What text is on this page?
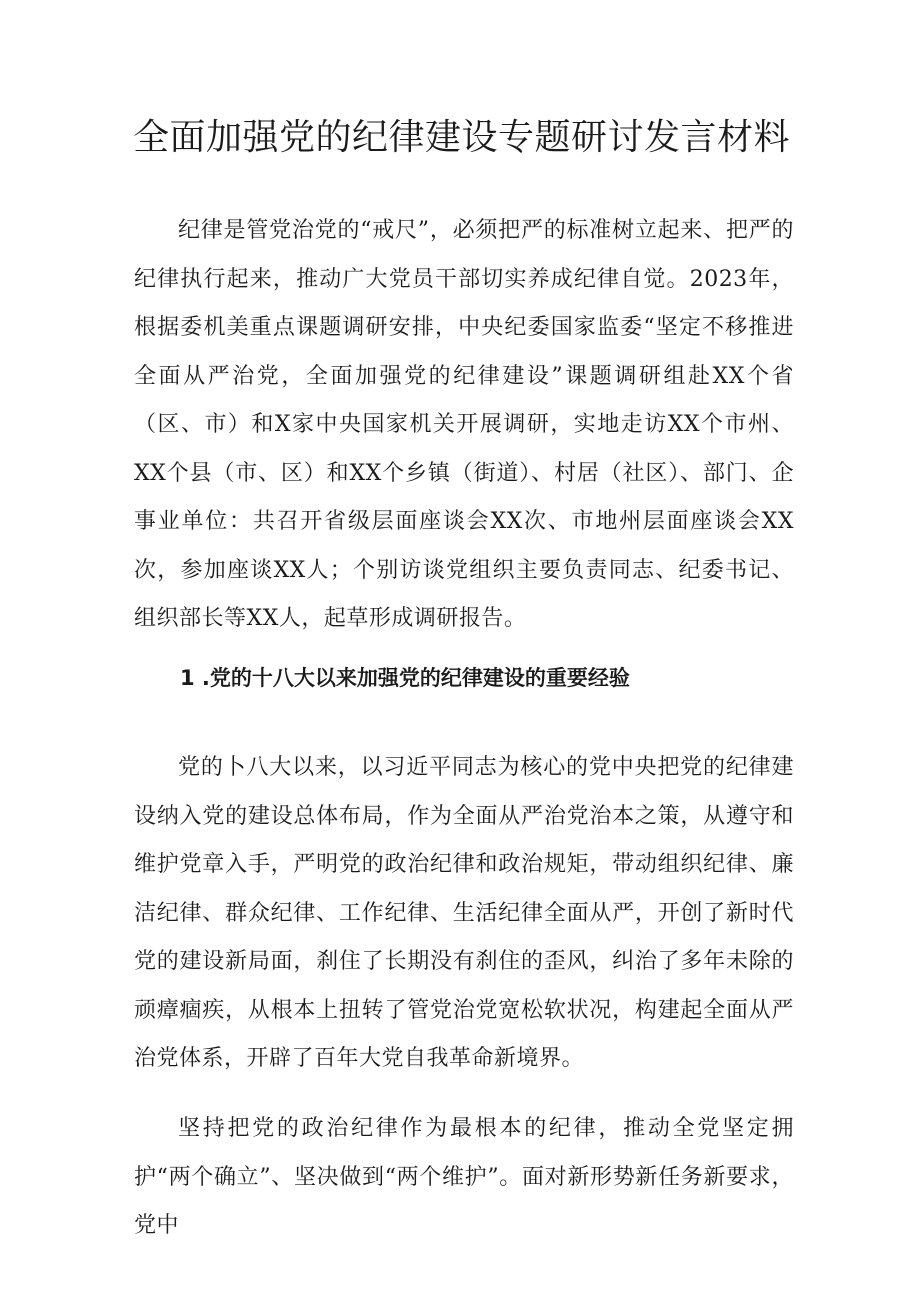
全面加强党的纪律建设专题研讨发言材料

纪律是管党治党的“戒尺”，必须把严的标准树立起来、把严的纪律执行起来，推动广大党员干部切实养成纪律自觉。2023年，根据委机美重点课题调研安排，中央纪委国家监委“坚定不移推进全面从严治党，全面加强党的纪律建设”课题调研组赴XX个省（区、市）和X家中央国家机关开展调研，实地走访XX个市州、XX个县（市、区）和XX个乡镇（街道）、村居（社区）、部门、企事业单位：共召开省级层面座谈会XX次、市地州层面座谈会XX次，参加座谈XX人；个别访谈党组织主要负责同志、纪委书记、组织部长等XX人，起草形成调研报告。

1 .党的十八大以来加强党的纪律建设的重要经验

党的卜八大以来，以习近平同志为核心的党中央把党的纪律建设纳入党的建设总体布局，作为全面从严治党治本之策，从遵守和维护党章入手，严明党的政治纪律和政治规矩，带动组织纪律、廉洁纪律、群众纪律、工作纪律、生活纪律全面从严，开创了新时代党的建设新局面，刹住了长期没有刹住的歪风，纠治了多年未除的顽瘴痼疾，从根本上扭转了管党治党宽松软状况，构建起全面从严治党体系，开辟了百年大党自我革命新境界。

坚持把党的政治纪律作为最根本的纪律，推动全党坚定拥护“两个确立”、坚决做到“两个维护”。面对新形势新任务新要求，党中
